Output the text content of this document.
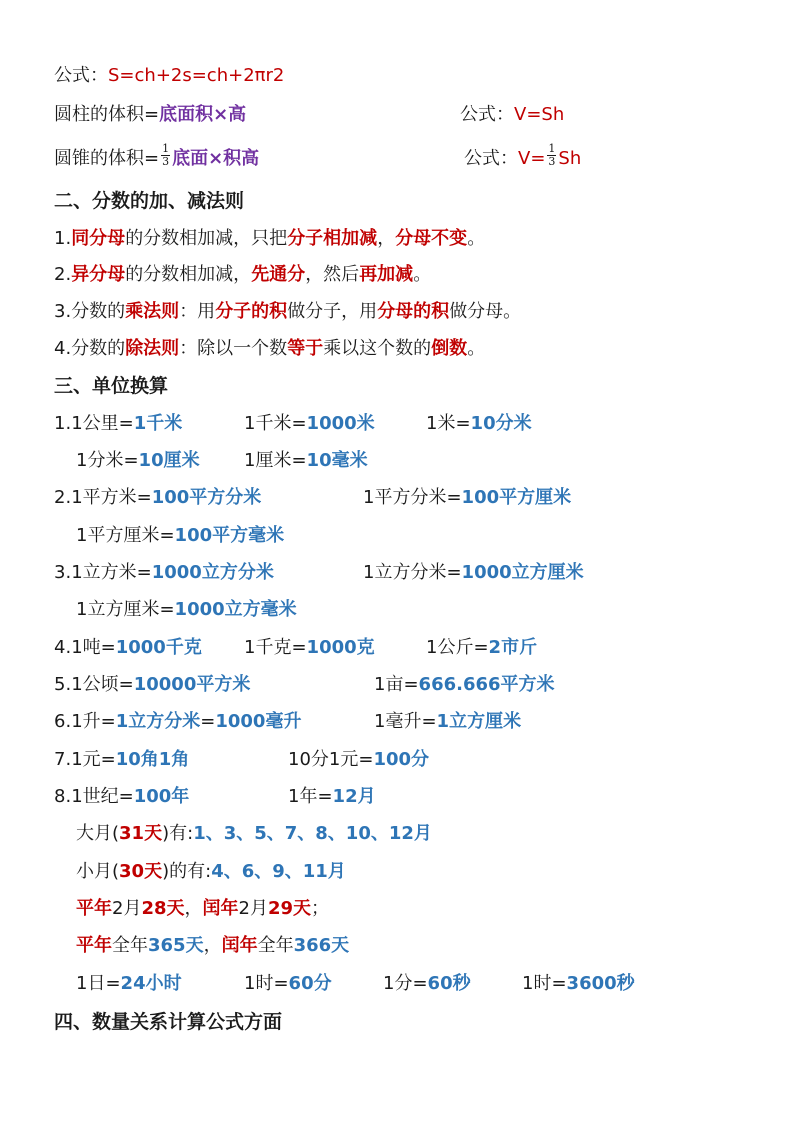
公式：S=ch+2s=ch+2πr2
圆柱的体积=底面积×高	公式：V=Sh
圆锥的体积= $\frac{1}{3}$ 底面×积高	公式：$V= \frac{1}{3}$ Sh
二、分数的加、减法则
1.同分母的分数相加减，只把分子相加减，分母不变。
2.异分母的分数相加减，先通分，然后再加减。
3.分数的乘法则：用分子的积做分子，用分母的积做分母。
4.分数的除法则：除以一个数等于乘以这个数的倒数。
三、单位换算
1.1公里=1千米	1千米=1000米	1米=10分米
1分米=10厘米 1厘米=10毫米
2.1平方米=100平方分米	1平方分米=100平方厘米
1平方厘米=100平方毫米
3.1立方米=1000立方分米	1立方分米=1000立方厘米
1立方厘米=1000立方毫米
4.1吨=1000千克 1千克=1000克	1公斤=2市斤
5.1公顷=10000平方米	1亩=666.666平方米
6.1升=1立方分米=1000毫升	1毫升=1立方厘米
7.1元=10角1角	10分1元=100分
8.1世纪=100年	1年=12月
大月(31天)有:1、3、5、7、8、10、12月
小月(30天)的有:4、6、9、11月
平年2月28天，闰年2月29天；
平年全年365天，闰年全年366天
1日=24小时	1时=60分	1分=60秒	1时=3600秒
四、数量关系计算公式方面
